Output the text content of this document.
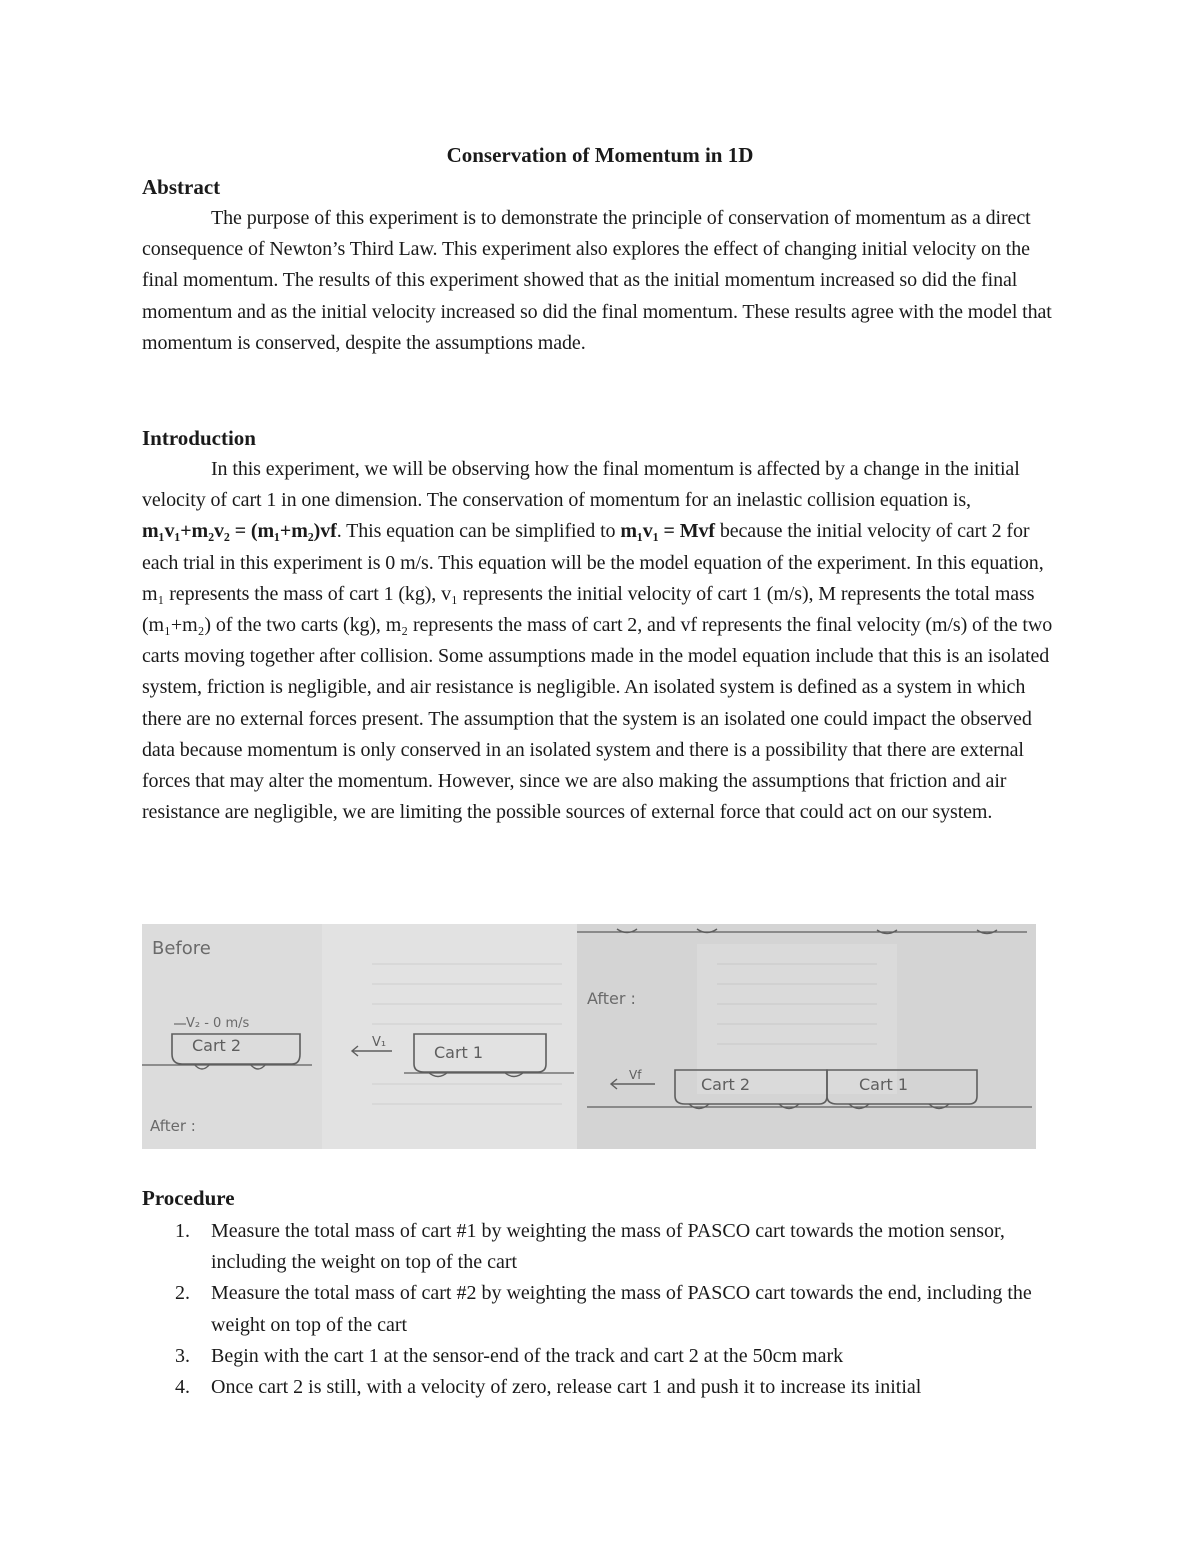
Conservation of Momentum in 1D
Abstract

The purpose of this experiment is to demonstrate the principle of conservation of momentum as a direct consequence of Newton’s Third Law. This experiment also explores the effect of changing initial velocity on the final momentum. The results of this experiment showed that as the initial momentum increased so did the final momentum and as the initial velocity increased so did the final momentum. These results agree with the model that momentum is conserved, despite the assumptions made.

Introduction

In this experiment, we will be observing how the final momentum is affected by a change in the initial velocity of cart 1 in one dimension. The conservation of momentum for an inelastic collision equation is, m₁v₁+m₂v₂ = (m₁+m₂)vf. This equation can be simplified to m₁v₁ = Mvf because the initial velocity of cart 2 for each trial in this experiment is 0 m/s. This equation will be the model equation of the experiment. In this equation, m₁ represents the mass of cart 1 (kg), v₁ represents the initial velocity of cart 1 (m/s), M represents the total mass (m₁+m₂) of the two carts (kg), m₂ represents the mass of cart 2, and vf represents the final velocity (m/s) of the two carts moving together after collision. Some assumptions made in the model equation include that this is an isolated system, friction is negligible, and air resistance is negligible. An isolated system is defined as a system in which there are no external forces present. The assumption that the system is an isolated one could impact the observed data because momentum is only conserved in an isolated system and there is a possibility that there are external forces that may alter the momentum. However, since we are also making the assumptions that friction and air resistance are negligible, we are limiting the possible sources of external force that could act on our system.

Before
V₂ - 0 m/s
Cart 2	V₁
Cart 1
After :
After :
Vf	Cart 2	Cart 1
Procedure
1. Measure the total mass of cart #1 by weighting the mass of PASCO cart towards the motion sensor, including the weight on top of the cart
2. Measure the total mass of cart #2 by weighting the mass of PASCO cart towards the end, including the weight on top of the cart
3. Begin with the cart 1 at the sensor-end of the track and cart 2 at the 50cm mark
4. Once cart 2 is still, with a velocity of zero, release cart 1 and push it to increase its initial
